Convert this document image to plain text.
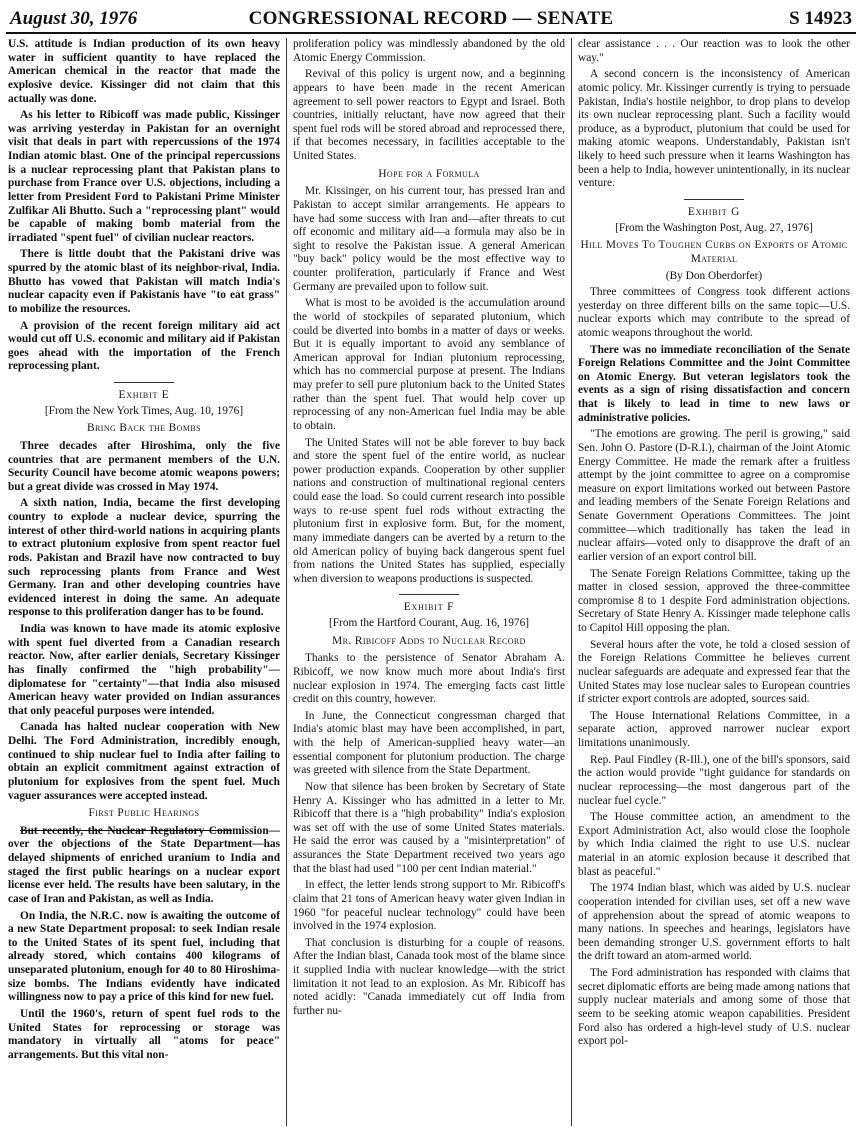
August 30, 1976	CONGRESSIONAL RECORD — SENATE	S 14923

U.S. attitude is Indian production of its own heavy water in sufficient quantity to have replaced the American chemical in the reactor that made the explosive device. Kissinger did not claim that this actually was done.

As his letter to Ribicoff was made public, Kissinger was arriving yesterday in Pakistan for an overnight visit that deals in part with repercussions of the 1974 Indian atomic blast. One of the principal repercussions is a nuclear reprocessing plant that Pakistan plans to purchase from France over U.S. objections, including a letter from President Ford to Pakistani Prime Minister Zulfikar Ali Bhutto. Such a "reprocessing plant" would be capable of making bomb material from the irradiated "spent fuel" of civilian nuclear reactors.

There is little doubt that the Pakistani drive was spurred by the atomic blast of its neighbor-rival, India. Bhutto has vowed that Pakistan will match India's nuclear capacity even if Pakistanis have "to eat grass" to mobilize the resources.

A provision of the recent foreign military aid act would cut off U.S. economic and military aid if Pakistan goes ahead with the importation of the French reprocessing plant.

Exhibit E
[From the New York Times, Aug. 10, 1976]
Bring Back the Bombs

Three decades after Hiroshima, only the five countries that are permanent members of the U.N. Security Council have become atomic weapons powers; but a great divide was crossed in May 1974.

A sixth nation, India, became the first developing country to explode a nuclear device, spurring the interest of other third-world nations in acquiring plants to extract plutonium explosive from spent reactor fuel rods. Pakistan and Brazil have now contracted to buy such reprocessing plants from France and West Germany. Iran and other developing countries have evidenced interest in doing the same. An adequate response to this proliferation danger has to be found.

India was known to have made its atomic explosive with spent fuel diverted from a Canadian research reactor. Now, after earlier denials, Secretary Kissinger has finally confirmed the "high probability"—diplomatese for "certainty"—that India also misused American heavy water provided on Indian assurances that only peaceful purposes were intended.

Canada has halted nuclear cooperation with New Delhi. The Ford Administration, incredibly enough, continued to ship nuclear fuel to India after failing to obtain an explicit commitment against extraction of plutonium for explosives from the spent fuel. Much vaguer assurances were accepted instead.

First Public Hearings

But recently, the Nuclear Regulatory Commission—over the objections of the State Department—has delayed shipments of enriched uranium to India and staged the first public hearings on a nuclear export license ever held. The results have been salutary, in the case of Iran and Pakistan, as well as India.

On India, the N.R.C. now is awaiting the outcome of a new State Department proposal: to seek Indian resale to the United States of its spent fuel, including that already stored, which contains 400 kilograms of unseparated plutonium, enough for 40 to 80 Hiroshima-size bombs. The Indians evidently have indicated willingness now to pay a price of this kind for new fuel.

Until the 1960's, return of spent fuel rods to the United States for reprocessing or storage was mandatory in virtually all "atoms for peace" arrangements. But this vital non-

proliferation policy was mindlessly abandoned by the old Atomic Energy Commission.

Revival of this policy is urgent now, and a beginning appears to have been made in the recent American agreement to sell power reactors to Egypt and Israel. Both countries, initially reluctant, have now agreed that their spent fuel rods will be stored abroad and reprocessed there, if that becomes necessary, in facilities acceptable to the United States.

Hope for a Formula

Mr. Kissinger, on his current tour, has pressed Iran and Pakistan to accept similar arrangements. He appears to have had some success with Iran and—after threats to cut off economic and military aid—a formula may also be in sight to resolve the Pakistan issue. A general American "buy back" policy would be the most effective way to counter proliferation, particularly if France and West Germany are prevailed upon to follow suit.

What is most to be avoided is the accumulation around the world of stockpiles of separated plutonium, which could be diverted into bombs in a matter of days or weeks. But it is equally important to avoid any semblance of American approval for Indian plutonium reprocessing, which has no commercial purpose at present. The Indians may prefer to sell pure plutonium back to the United States rather than the spent fuel. That would help cover up reprocessing of any non-American fuel India may be able to obtain.

The United States will not be able forever to buy back and store the spent fuel of the entire world, as nuclear power production expands. Cooperation by other supplier nations and construction of multinational regional centers could ease the load. So could current research into possible ways to re-use spent fuel rods without extracting the plutonium first in explosive form. But, for the moment, many immediate dangers can be averted by a return to the old American policy of buying back dangerous spent fuel from nations the United States has supplied, especially when diversion to weapons productions is suspected.

Exhibit F
[From the Hartford Courant, Aug. 16, 1976]
Mr. Ribicoff Adds to Nuclear Record

Thanks to the persistence of Senator Abraham A. Ribicoff, we now know much more about India's first nuclear explosion in 1974. The emerging facts cast little credit on this country, however.

In June, the Connecticut congressman charged that India's atomic blast may have been accomplished, in part, with the help of American-supplied heavy water—an essential component for plutonium production. The charge was greeted with silence from the State Department.

Now that silence has been broken by Secretary of State Henry A. Kissinger who has admitted in a letter to Mr. Ribicoff that there is a "high probability" India's explosion was set off with the use of some United States materials. He said the error was caused by a "misinterpretation" of assurances the State Department received two years ago that the blast had used "100 per cent Indian material."

In effect, the letter lends strong support to Mr. Ribicoff's claim that 21 tons of American heavy water given Indian in 1960 "for peaceful nuclear technology" could have been involved in the 1974 explosion.

That conclusion is disturbing for a couple of reasons. After the Indian blast, Canada took most of the blame since it supplied India with nuclear knowledge—with the strict limitation it not lead to an explosion. As Mr. Ribicoff has noted acidly: "Canada immediately cut off India from further nu-

clear assistance . . . Our reaction was to look the other way."

A second concern is the inconsistency of American atomic policy. Mr. Kissinger currently is trying to persuade Pakistan, India's hostile neighbor, to drop plans to develop its own nuclear reprocessing plant. Such a facility would produce, as a byproduct, plutonium that could be used for making atomic weapons. Understandably, Pakistan isn't likely to heed such pressure when it learns Washington has been a help to India, however unintentionally, in its nuclear venture.

Exhibit G
[From the Washington Post, Aug. 27, 1976]
Hill Moves To Toughen Curbs on Exports of Atomic Material
(By Don Oberdorfer)

Three committees of Congress took different actions yesterday on three different bills on the same topic—U.S. nuclear exports which may contribute to the spread of atomic weapons throughout the world.

There was no immediate reconciliation of the Senate Foreign Relations Committee and the Joint Committee on Atomic Energy. But veteran legislators took the events as a sign of rising dissatisfaction and concern that is likely to lead in time to new laws or administrative policies.

"The emotions are growing. The peril is growing," said Sen. John O. Pastore (D-R.I.), chairman of the Joint Atomic Energy Committee. He made the remark after a fruitless attempt by the joint committee to agree on a compromise measure on export limitations worked out between Pastore and leading members of the Senate Foreign Relations and Senate Government Operations Committees. The joint committee—which traditionally has taken the lead in nuclear affairs—voted only to disapprove the draft of an earlier version of an export control bill.

The Senate Foreign Relations Committee, taking up the matter in closed session, approved the three-committee compromise 8 to 1 despite Ford administration objections. Secretary of State Henry A. Kissinger made telephone calls to Capitol Hill opposing the plan.

Several hours after the vote, he told a closed session of the Foreign Relations Committee he believes current nuclear safeguards are adequate and expressed fear that the United States may lose nuclear sales to European countries if stricter export controls are adopted, sources said.

The House International Relations Committee, in a separate action, approved narrower nuclear export limitations unanimously.

Rep. Paul Findley (R-Ill.), one of the bill's sponsors, said the action would provide "tight guidance for standards on nuclear reprocessing—the most dangerous part of the nuclear fuel cycle."

The House committee action, an amendment to the Export Administration Act, also would close the loophole by which India claimed the right to use U.S. nuclear material in an atomic explosion because it described that blast as peaceful."

The 1974 Indian blast, which was aided by U.S. nuclear cooperation intended for civilian uses, set off a new wave of apprehension about the spread of atomic weapons to many nations. In speeches and hearings, legislators have been demanding stronger U.S. government efforts to halt the drift toward an atom-armed world.

The Ford administration has responded with claims that secret diplomatic efforts are being made among nations that supply nuclear materials and among some of those that seem to be seeking atomic weapon capabilities. President Ford also has ordered a high-level study of U.S. nuclear export pol-
